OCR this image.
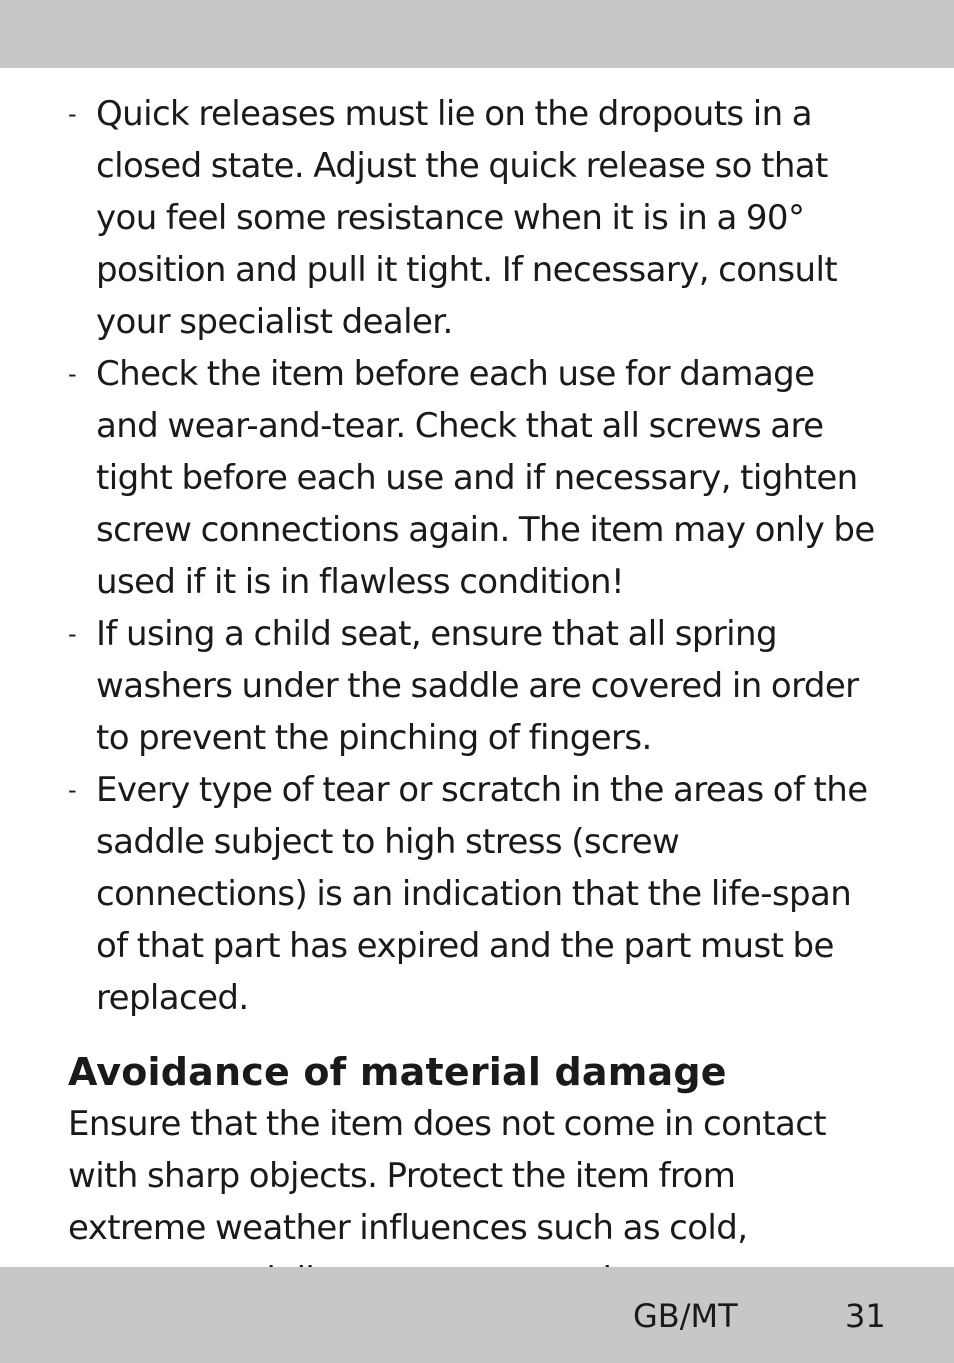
- Quick releases must lie on the dropouts in a closed state. Adjust the quick release so that you feel some resistance when it is in a 90° position and pull it tight. If necessary, consult your specialist dealer.
- Check the item before each use for damage and wear-and-tear. Check that all screws are tight before each use and if necessary, tighten screw connections again. The item may only be used if it is in flawless condition!
- If using a child seat, ensure that all spring washers under the saddle are covered in order to prevent the pinching of fingers.
- Every type of tear or scratch in the areas of the saddle subject to high stress (screw connections) is an indication that the life-span of that part has expired and the part must be replaced.
Avoidance of material damage

Ensure that the item does not come in contact with sharp objects. Protect the item from extreme weather influences such as cold,

GB/MT	31
